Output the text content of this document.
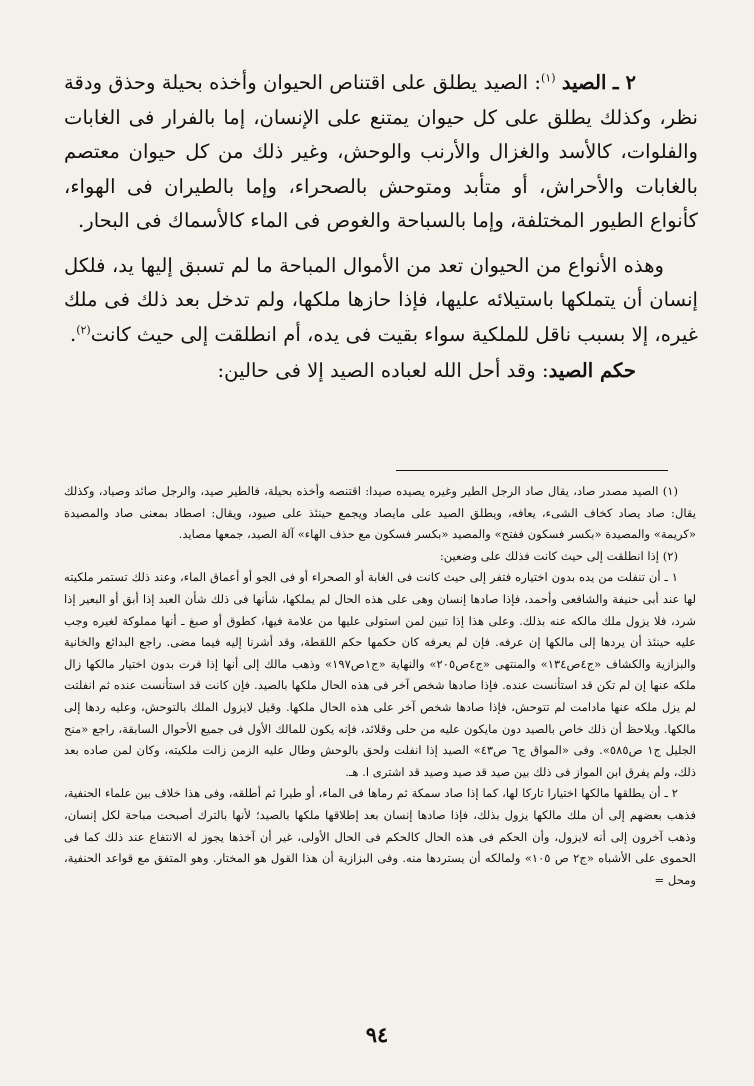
٢ ـ الصيد $^{(١)}$: الصيد يطلق على اقتناص الحيوان وأخذه بحيلة وحذق ودقة نظر، وكذلك يطلق على كل حيوان يمتنع على الإنسان، إما بالفرار فى الغابات والفلوات، كالأسد والغزال والأرنب والوحش، وغير ذلك من كل حيوان معتصم بالغابات والأحراش، أو متأبد ومتوحش بالصحراء، وإما بالطيران فى الهواء، كأنواع الطيور المختلفة، وإما بالسباحة والغوص فى الماء كالأسماك فى البحار.

وهذه الأنواع من الحيوان تعد من الأموال المباحة ما لم تسبق إليها يد، فلكل إنسان أن يتملكها باستيلائه عليها، فإذا حازها ملكها، ولم تدخل بعد ذلك فى ملك غيره، إلا بسبب ناقل للملكية سواء بقيت فى يده، أم انطلقت إلى حيث كانت$^{(٢)}$.

حكم الصيد: وقد أحل الله لعباده الصيد إلا فى حالين:

(١) الصيد مصدر صاد، يقال صاد الرجل الطير وغيره يصيده صيدا: اقتنصه وأخذه بحيلة، فالطير صيد، والرجل صائد وصياد، وكذلك يقال: صاد يصاد كخاف الشىء، يعافه، ويطلق الصيد على مايصاد ويجمع حينئذ على صيود، ويقال: اصطاد بمعنى صاد والمصيدة «كريمة» والمصيدة «بكسر فسكون ففتح» والمصيد «بكسر فسكون مع حذف الهاء» آلة الصيد، جمعها مصايد.

(٢) إذا انطلقت إلى حيث كانت فذلك على وضعين:

١ ـ أن تنفلت من يده بدون اختياره فتفر إلى حيث كانت فى الغابة أو الصحراء أو فى الجو أو أعماق الماء، وعند ذلك تستمر ملكيته لها عند أبى حنيفة والشافعى وأحمد، فإذا صادها إنسان وهى على هذه الحال لم يملكها، شأنها فى ذلك شأن العبد إذا أبق أو البعير إذا شرد، فلا يزول ملك مالكه عنه بذلك. وعلى هذا إذا تبين لمن استولى عليها من علامة فيها، كطوق أو صبغ ـ أنها مملوكة لغيره وجب عليه حينئذ أن يردها إلى مالكها إن عرفه. فإن لم يعرفه كان حكمها حكم اللقطة، وقد أشرنا إليه فيما مضى. راجع البدائع والخانية والبزازية والكشاف «ج٤ص١٣٤» والمنتهى «ج٤ص٢٠٥» والنهاية «ج١ص١٩٧» وذهب مالك إلى أنها إذا فرت بدون اختيار مالكها زال ملكه عنها إن لم تكن قد استأنست عنده. فإذا صادها شخص آخر فى هذه الحال ملكها بالصيد. فإن كانت قد استأنست عنده ثم انفلتت لم يزل ملكه عنها مادامت لم تتوحش، فإذا صادها شخص آخر على هذه الحال ملكها. وقيل لايزول الملك بالتوحش، وعليه ردها إلى مالكها. ويلاحظ أن ذلك خاص بالصيد دون مايكون عليه من حلى وقلائد، فإنه يكون للمالك الأول فى جميع الأحوال السابقة، راجع «منح الجليل ج١ ص٥٨٥». وفى «المواق ج٦ ص٤٣» الصيد إذا انفلت ولحق بالوحش وطال عليه الزمن زالت ملكيته، وكان لمن صاده بعد ذلك، ولم يفرق ابن المواز فى ذلك بين صيد قد صيد وصيد قد اشترى ا. هـ.

٢ ـ أن يطلقها مالكها اختيارا تاركا لها، كما إذا صاد سمكة ثم رماها فى الماء، أو طيرا ثم أطلقه، وفى هذا خلاف بين علماء الحنفية، فذهب بعضهم إلى أن ملك مالكها يزول بذلك، فإذا صادها إنسان بعد إطلاقها ملكها بالصيد؛ لأنها بالترك أصبحت مباحة لكل إنسان، وذهب آخرون إلى أنه لايزول، وأن الحكم فى هذه الحال كالحكم فى الحال الأولى، غير أن آخذها يجوز له الانتفاع عند ذلك كما فى الحموى على الأشباه «ج٢ ص ١٠٥» ولمالكه أن يستردها منه. وفى البزازية أن هذا القول هو المختار. وهو المتفق مع قواعد الحنفية، ومحل =

٩٤
